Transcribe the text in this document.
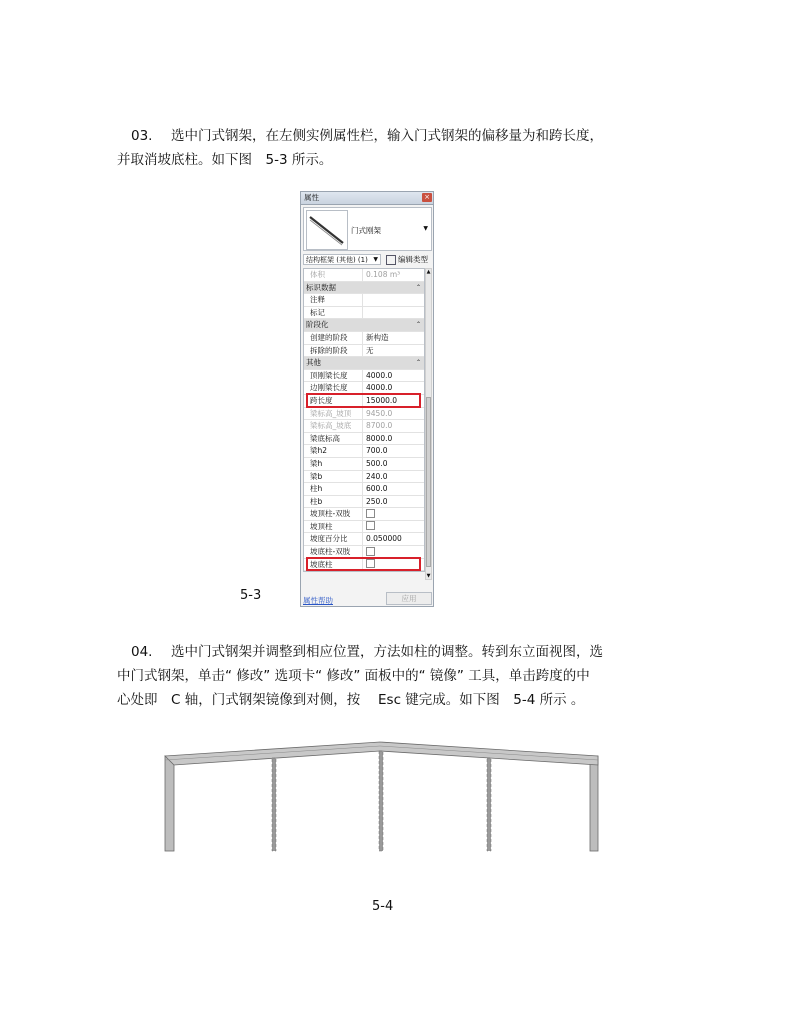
03. 选中门式钢架，在左侧实例属性栏，输入门式钢架的偏移量为和跨长度，
并取消坡底柱。如下图　5-3 所示。
属性	×
门式刚架	▼
结构框架 (其他) (1) ▼	编辑类型
体积	0.108 m³
标识数据	⌃
注释
标记
阶段化	⌃
创建的阶段	新构造
拆除的阶段	无
其他	⌃
顶刚梁长度	4000.0
边刚梁长度	4000.0
跨长度	15000.0
梁标高_坡顶	9450.0
梁标高_坡底	8700.0
梁底标高	8000.0
梁h2	700.0
梁h	500.0
梁b	240.0
柱h	600.0
柱b	250.0
坡顶柱-双肢
坡顶柱
坡度百分比	0.050000
坡底柱-双肢
坡底柱
▲
▼
属性帮助	应用
5-3
04. 选中门式钢架并调整到相应位置，方法如柱的调整。转到东立面视图，选
中门式钢架，单击“ 修改” 选项卡“ 修改” 面板中的“ 镜像” 工具，单击跨度的中
心处即　C 轴，门式钢架镜像到对侧，按　 Esc 键完成。如下图　5-4 所示 。
5-4
